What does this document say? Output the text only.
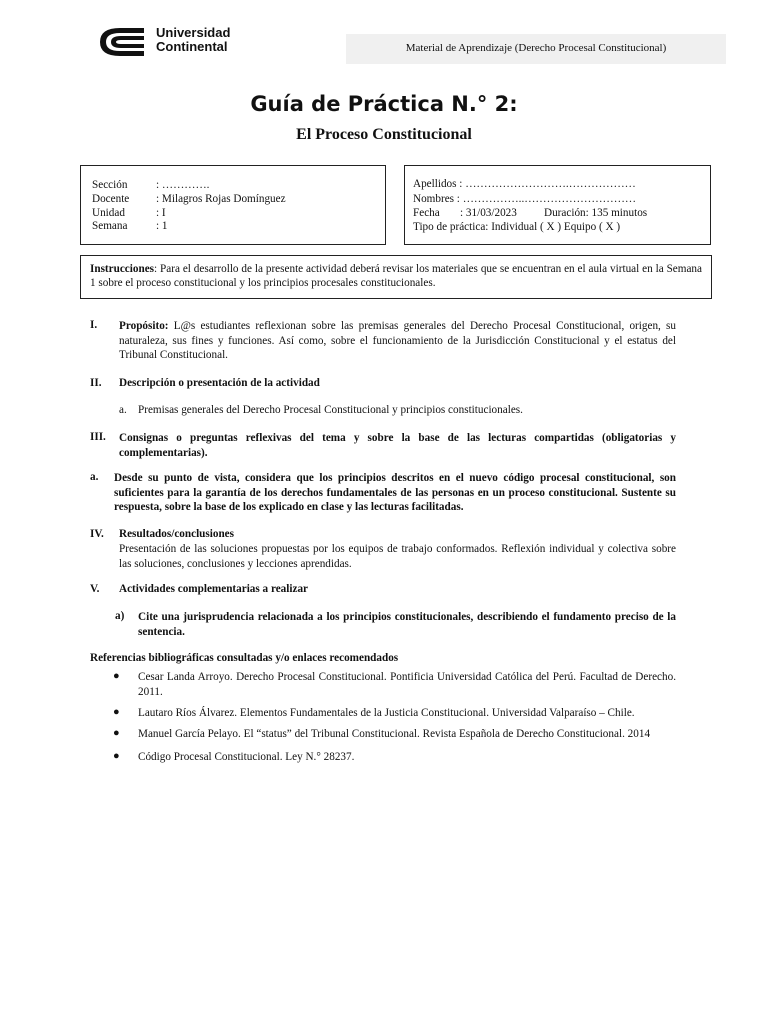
Universidad
Continental	Material de Aprendizaje (Derecho Procesal Constitucional)
Guía de Práctica N.° 2:
El Proceso Constitucional
Sección	: ………….
Docente : Milagros Rojas Domínguez
Unidad	: I
Semana	: 1
Apellidos : ……………………….………………
Nombres : ……………..…………………………
Fecha : 31/03/2023 Duración: 135 minutos
Tipo de práctica: Individual ( X ) Equipo ( X )
Instrucciones: Para el desarrollo de la presente actividad deberá revisar los materiales que se encuentran en el aula virtual en la Semana 1 sobre el proceso constitucional y los principios procesales constitucionales.
I. Propósito: L@s estudiantes reflexionan sobre las premisas generales del Derecho Procesal Constitucional, origen, su naturaleza, sus fines y funciones. Así como, sobre el funcionamiento de la Jurisdicción Constitucional y el estatus del Tribunal Constitucional.
II. Descripción o presentación de la actividad
a. Premisas generales del Derecho Procesal Constitucional y principios constitucionales.
III. Consignas o preguntas reflexivas del tema y sobre la base de las lecturas compartidas (obligatorias y complementarias).
a. Desde su punto de vista, considera que los principios descritos en el nuevo código procesal constitucional, son suficientes para la garantía de los derechos fundamentales de las personas en un proceso constitucional. Sustente su respuesta, sobre la base de los explicado en clase y las lecturas facilitadas.
IV. Resultados/conclusiones
Presentación de las soluciones propuestas por los equipos de trabajo conformados. Reflexión individual y colectiva sobre las soluciones, conclusiones y lecciones aprendidas.
V. Actividades complementarias a realizar
a) Cite una jurisprudencia relacionada a los principios constitucionales, describiendo el fundamento preciso de la sentencia.
Referencias bibliográficas consultadas y/o enlaces recomendados
● Cesar Landa Arroyo. Derecho Procesal Constitucional. Pontificia Universidad Católica del Perú. Facultad de Derecho. 2011.
● Lautaro Ríos Álvarez. Elementos Fundamentales de la Justicia Constitucional. Universidad Valparaíso – Chile.
● Manuel García Pelayo. El “status” del Tribunal Constitucional. Revista Española de Derecho Constitucional. 2014
● Código Procesal Constitucional. Ley N.° 28237.
